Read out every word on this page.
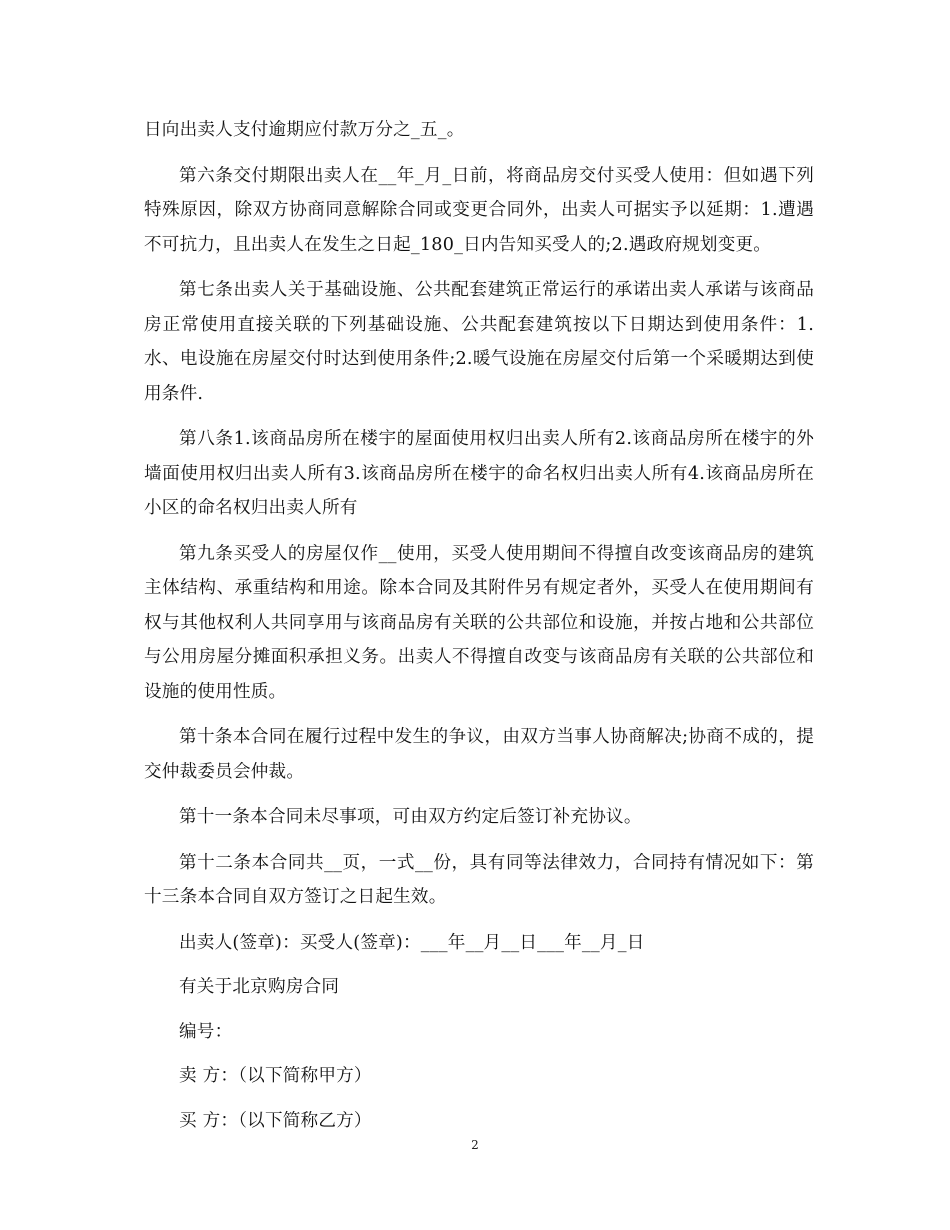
日向出卖人支付逾期应付款万分之_五_。

第六条交付期限出卖人在__年_月_日前，将商品房交付买受人使用：但如遇下列特殊原因，除双方协商同意解除合同或变更合同外，出卖人可据实予以延期：1.遭遇不可抗力，且出卖人在发生之日起_180_日内告知买受人的;2.遇政府规划变更。

第七条出卖人关于基础设施、公共配套建筑正常运行的承诺出卖人承诺与该商品房正常使用直接关联的下列基础设施、公共配套建筑按以下日期达到使用条件：1.水、电设施在房屋交付时达到使用条件;2.暖气设施在房屋交付后第一个采暖期达到使用条件.

第八条1.该商品房所在楼宇的屋面使用权归出卖人所有2.该商品房所在楼宇的外墙面使用权归出卖人所有3.该商品房所在楼宇的命名权归出卖人所有4.该商品房所在小区的命名权归出卖人所有

第九条买受人的房屋仅作__使用，买受人使用期间不得擅自改变该商品房的建筑主体结构、承重结构和用途。除本合同及其附件另有规定者外，买受人在使用期间有权与其他权利人共同享用与该商品房有关联的公共部位和设施，并按占地和公共部位与公用房屋分摊面积承担义务。出卖人不得擅自改变与该商品房有关联的公共部位和设施的使用性质。

第十条本合同在履行过程中发生的争议，由双方当事人协商解决;协商不成的，提交仲裁委员会仲裁。

第十一条本合同未尽事项，可由双方约定后签订补充协议。

第十二条本合同共__页，一式__份，具有同等法律效力，合同持有情况如下：第十三条本合同自双方签订之日起生效。

出卖人(签章)：买受人(签章)：___年__月__日___年__月_日

有关于北京购房合同

编号：

卖 方：（以下简称甲方）

买 方：（以下简称乙方）

2
